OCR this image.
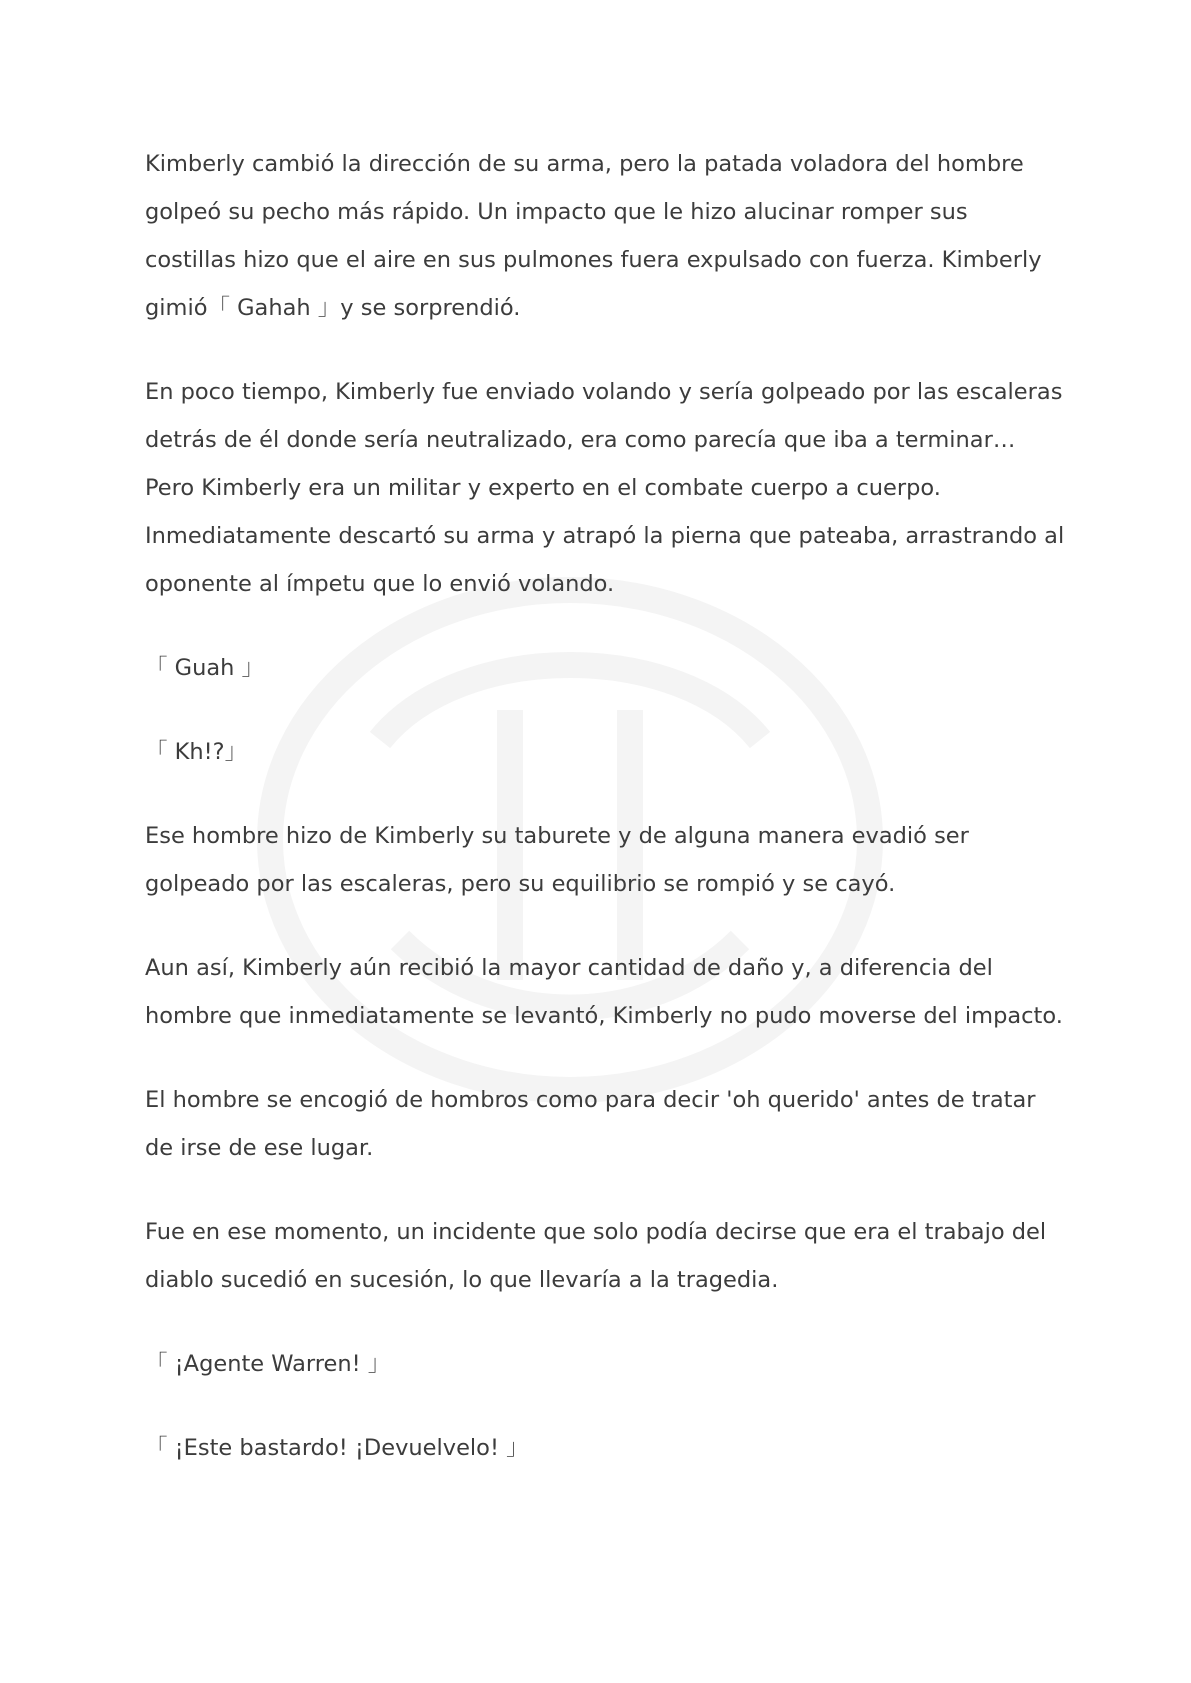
Kimberly cambió la dirección de su arma, pero la patada voladora del hombre golpeó su pecho más rápido. Un impacto que le hizo alucinar romper sus costillas hizo que el aire en sus pulmones fuera expulsado con fuerza. Kimberly gimió「 Gahah 」y se sorprendió.

En poco tiempo, Kimberly fue enviado volando y sería golpeado por las escaleras detrás de él donde sería neutralizado, era como parecía que iba a terminar… Pero Kimberly era un militar y experto en el combate cuerpo a cuerpo. Inmediatamente descartó su arma y atrapó la pierna que pateaba, arrastrando al oponente al ímpetu que lo envió volando.

「 Guah 」

「 Kh!?」

Ese hombre hizo de Kimberly su taburete y de alguna manera evadió ser golpeado por las escaleras, pero su equilibrio se rompió y se cayó.

Aun así, Kimberly aún recibió la mayor cantidad de daño y, a diferencia del hombre que inmediatamente se levantó, Kimberly no pudo moverse del impacto.

El hombre se encogió de hombros como para decir 'oh querido' antes de tratar de irse de ese lugar.

Fue en ese momento, un incidente que solo podía decirse que era el trabajo del diablo sucedió en sucesión, lo que llevaría a la tragedia.

「 ¡Agente Warren! 」

「 ¡Este bastardo! ¡Devuelvelo! 」
